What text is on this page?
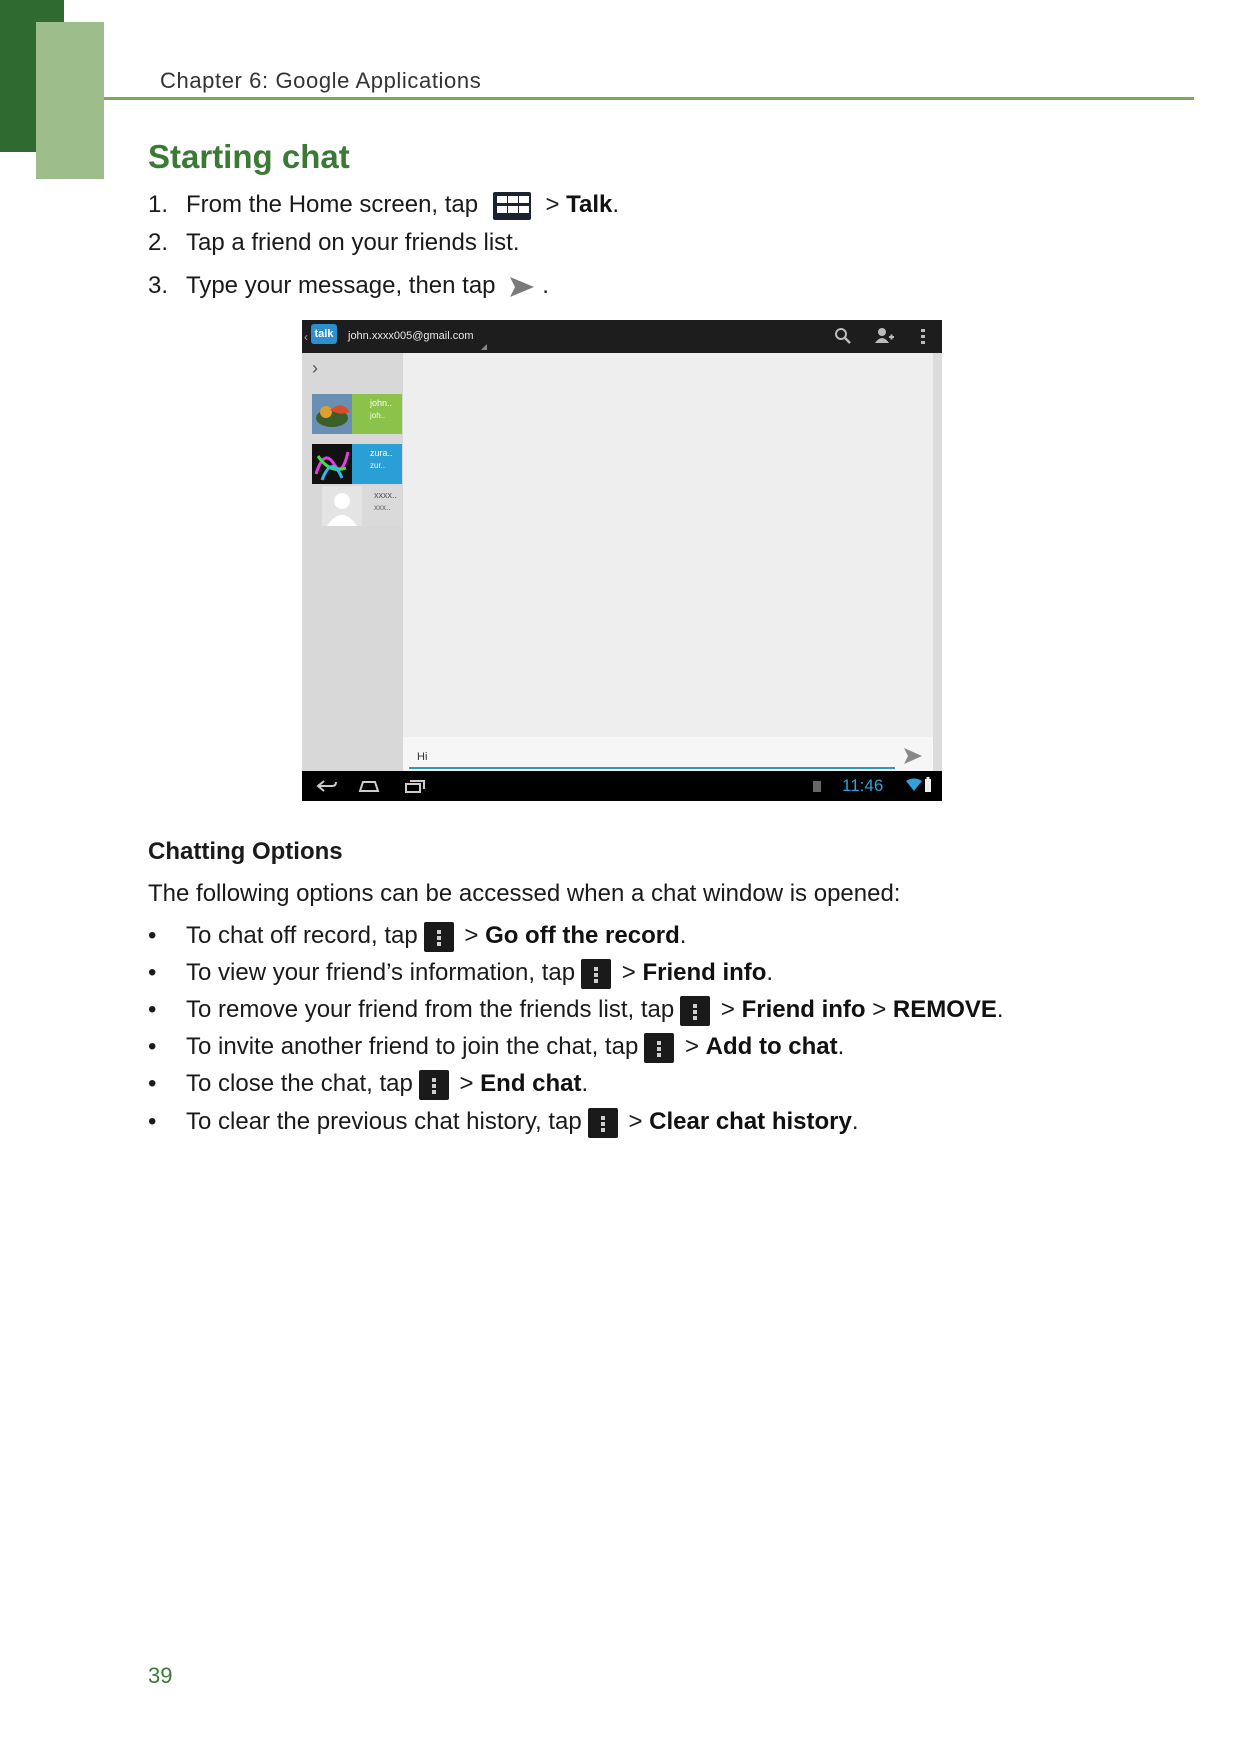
Chapter 6: Google Applications
Starting chat
1. From the Home screen, tap	> Talk.
2. Tap a friend on your friends list.
3. Type your message, then tap .
‹ talk	john.xxxx005@gmail.com
›
john..
joh..
zura..
zur..
xxxx..
xxx..
Hi
11:46
Chatting Options

The following options can be accessed when a chat window is opened:

• To chat off record, tap > Go off the record.
• To view your friend’s information, tap > Friend info.
• To remove your friend from the friends list, tap > Friend info > REMOVE.
• To invite another friend to join the chat, tap > Add to chat.
• To close the chat, tap > End chat.
• To clear the previous chat history, tap > Clear chat history.
39
